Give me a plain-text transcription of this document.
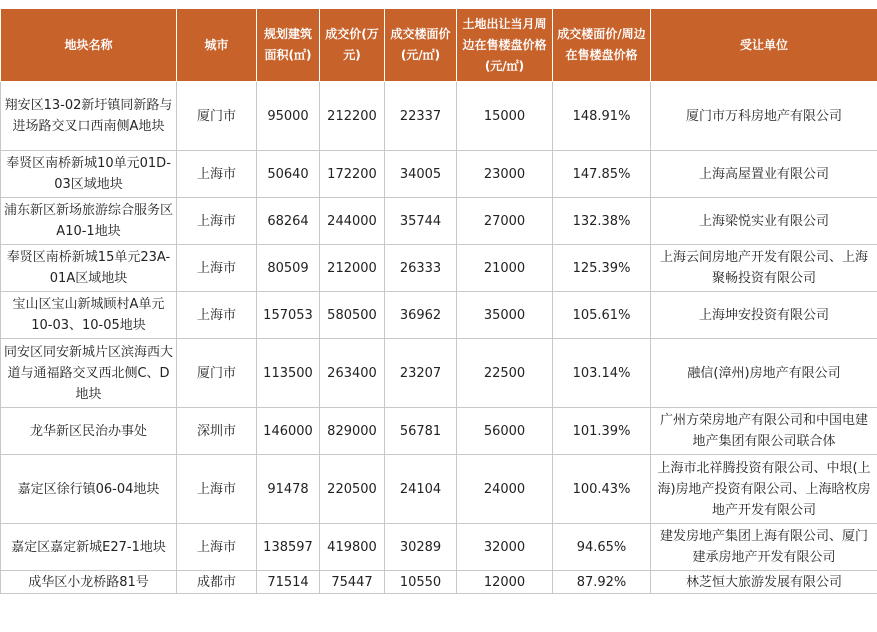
地块名称	城市	规划建筑面积(㎡)	成交价(万元)	成交楼面价(元/㎡)	土地出让当月周边在售楼盘价格(元/㎡)	成交楼面价/周边在售楼盘价格	受让单位
翔安区13-02新圩镇同新路与进场路交叉口西南侧A地块	厦门市	95000	212200	22337	15000	148.91%	厦门市万科房地产有限公司
奉贤区南桥新城10单元01D-03区域地块	上海市	50640	172200	34005	23000	147.85%	上海高屋置业有限公司
浦东新区新场旅游综合服务区A10-1地块	上海市	68264	244000	35744	27000	132.38%	上海梁悦实业有限公司
奉贤区南桥新城15单元23A-01A区域地块	上海市	80509	212000	26333	21000	125.39%	上海云间房地产开发有限公司、上海聚畅投资有限公司
宝山区宝山新城顾村A单元10-03、10-05地块	上海市	157053	580500	36962	35000	105.61%	上海坤安投资有限公司
同安区同安新城片区滨海西大道与通福路交叉西北侧C、D地块	厦门市	113500	263400	23207	22500	103.14%	融信(漳州)房地产有限公司
龙华新区民治办事处	深圳市	146000	829000	56781	56000	101.39%	广州方荣房地产有限公司和中国电建地产集团有限公司联合体
嘉定区徐行镇06-04地块	上海市	91478	220500	24104	24000	100.43%	上海市北祥腾投资有限公司、中垠(上海)房地产投资有限公司、上海晗枚房地产开发有限公司
嘉定区嘉定新城E27-1地块	上海市	138597	419800	30289	32000	94.65%	建发房地产集团上海有限公司、厦门建承房地产开发有限公司
成华区小龙桥路81号	成都市	71514	75447	10550	12000	87.92%	林芝恒大旅游发展有限公司
